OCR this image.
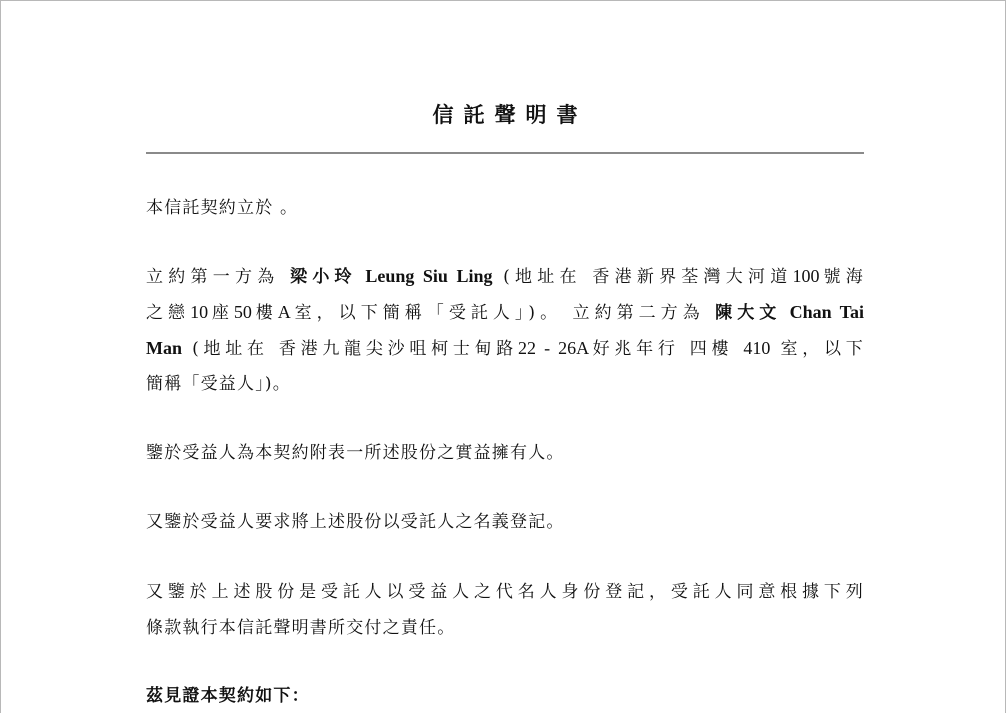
信託聲明書

本信託契約立於 。

立約第一方為 梁小玲 Leung Siu Ling (地址在 香港新界荃灣大河道100號海
之戀10座50樓A室，以下簡稱「受託人」)。 立約第二方為 陳大文 Chan Tai
Man (地址在 香港九龍尖沙咀柯士甸路22 - 26A好兆年行 四樓 410 室，以下
簡稱「受益人」)。

鑒於受益人為本契約附表一所述股份之實益擁有人。

又鑒於受益人要求將上述股份以受託人之名義登記。

又鑒於上述股份是受託人以受益人之代名人身份登記，受託人同意根據下列
條款執行本信託聲明書所交付之責任。

茲見證本契約如下：
